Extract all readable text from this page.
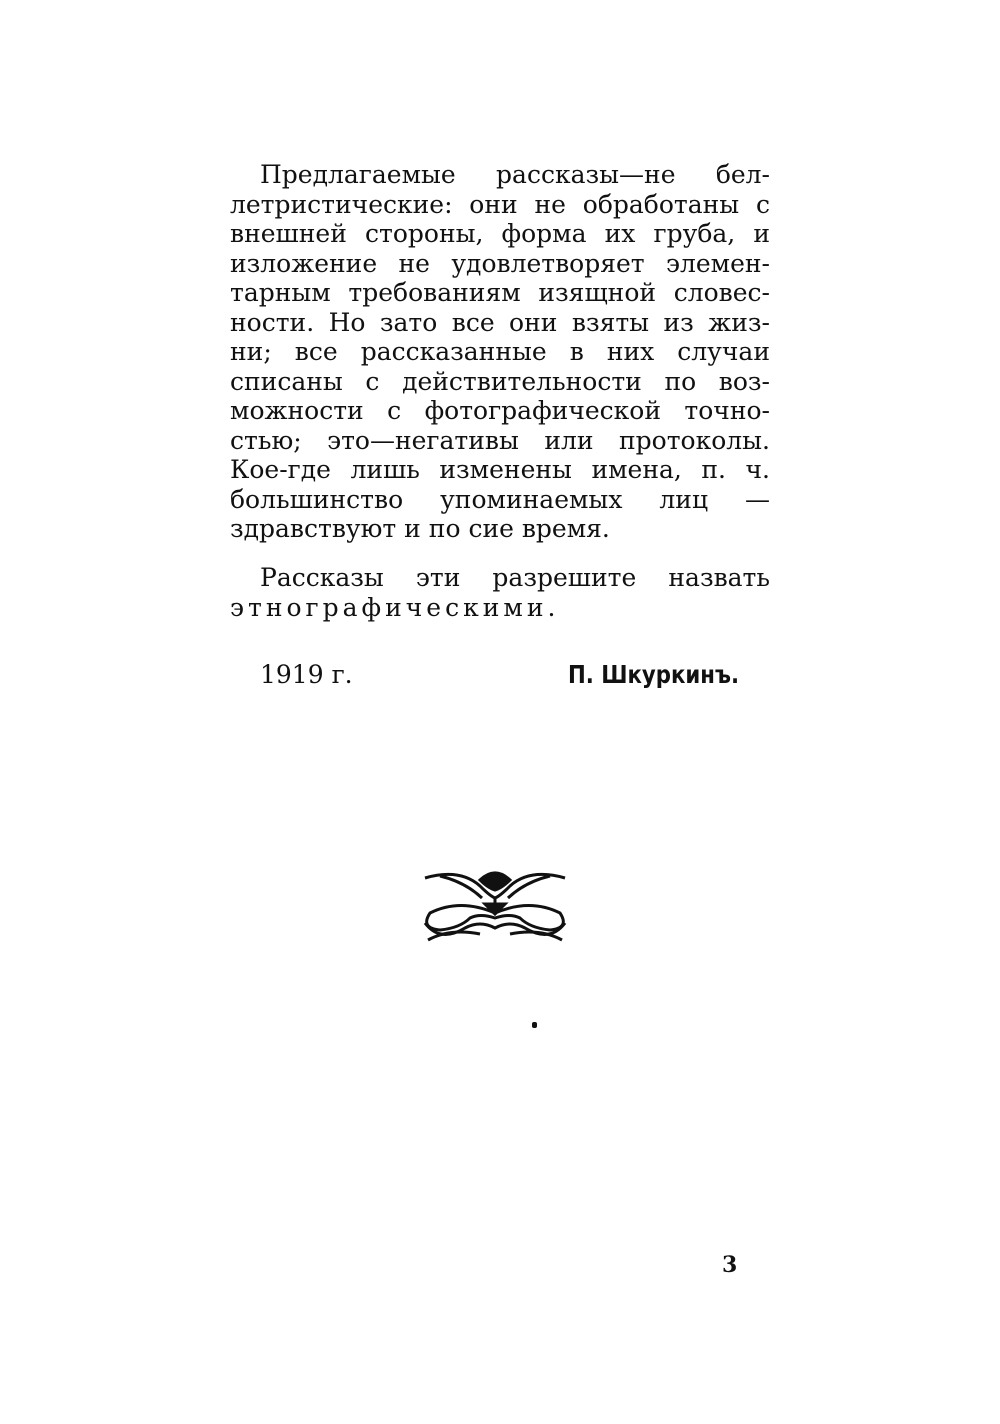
Предлагаемые рассказы—не бел-
летристические: они не обработаны с
внешней стороны, форма их груба, и
изложение не удовлетворяет элемен-
тарным требованиям изящной словес-
ности. Но зато все они взяты из жиз-
ни; все рассказанные в них случаи
списаны с действительности по воз-
можности с фотографической точно-
стью; это—негативы или протоколы.
Кое-где лишь изменены имена, п. ч.
большинство упоминаемых лиц —
здравствуют и по сие время.
Рассказы эти разрешите назвать
этнографическими.
1919 г.	П. Шкуркинъ.
3
